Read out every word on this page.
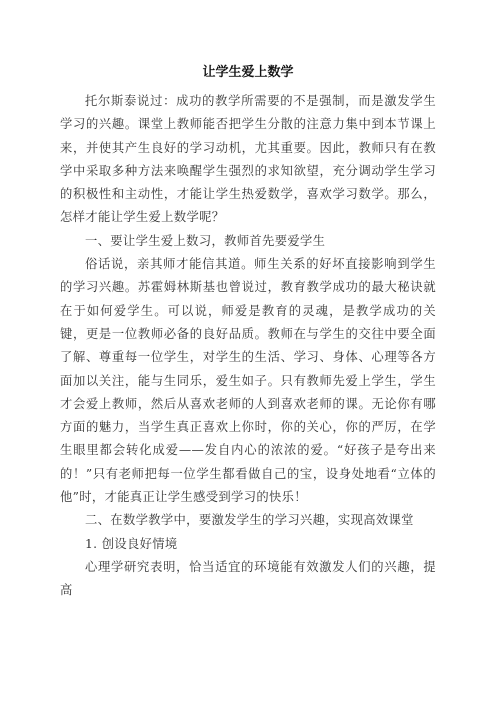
让学生爱上数学

托尔斯泰说过：成功的教学所需要的不是强制，而是激发学生学习的兴趣。课堂上教师能否把学生分散的注意力集中到本节课上来，并使其产生良好的学习动机，尤其重要。因此，教师只有在教学中采取多种方法来唤醒学生强烈的求知欲望，充分调动学生学习的积极性和主动性，才能让学生热爱数学，喜欢学习数学。那么，怎样才能让学生爱上数学呢？

一、要让学生爱上数习，教师首先要爱学生

俗话说，亲其师才能信其道。师生关系的好坏直接影响到学生的学习兴趣。苏霍姆林斯基也曾说过，教育教学成功的最大秘诀就在于如何爱学生。可以说，师爱是教育的灵魂，是教学成功的关键，更是一位教师必备的良好品质。教师在与学生的交往中要全面了解、尊重每一位学生，对学生的生活、学习、身体、心理等各方面加以关注，能与生同乐，爱生如子。只有教师先爱上学生，学生才会爱上教师，然后从喜欢老师的人到喜欢老师的课。无论你有哪方面的魅力，当学生真正喜欢上你时，你的关心，你的严厉，在学生眼里都会转化成爱——发自内心的浓浓的爱。“好孩子是夸出来的！”只有老师把每一位学生都看做自己的宝，设身处地看“立体的他”时，才能真正让学生感受到学习的快乐！

二、在数学教学中，要激发学生的学习兴趣，实现高效课堂

1. 创设良好情境

心理学研究表明，恰当适宜的环境能有效激发人们的兴趣，提高
